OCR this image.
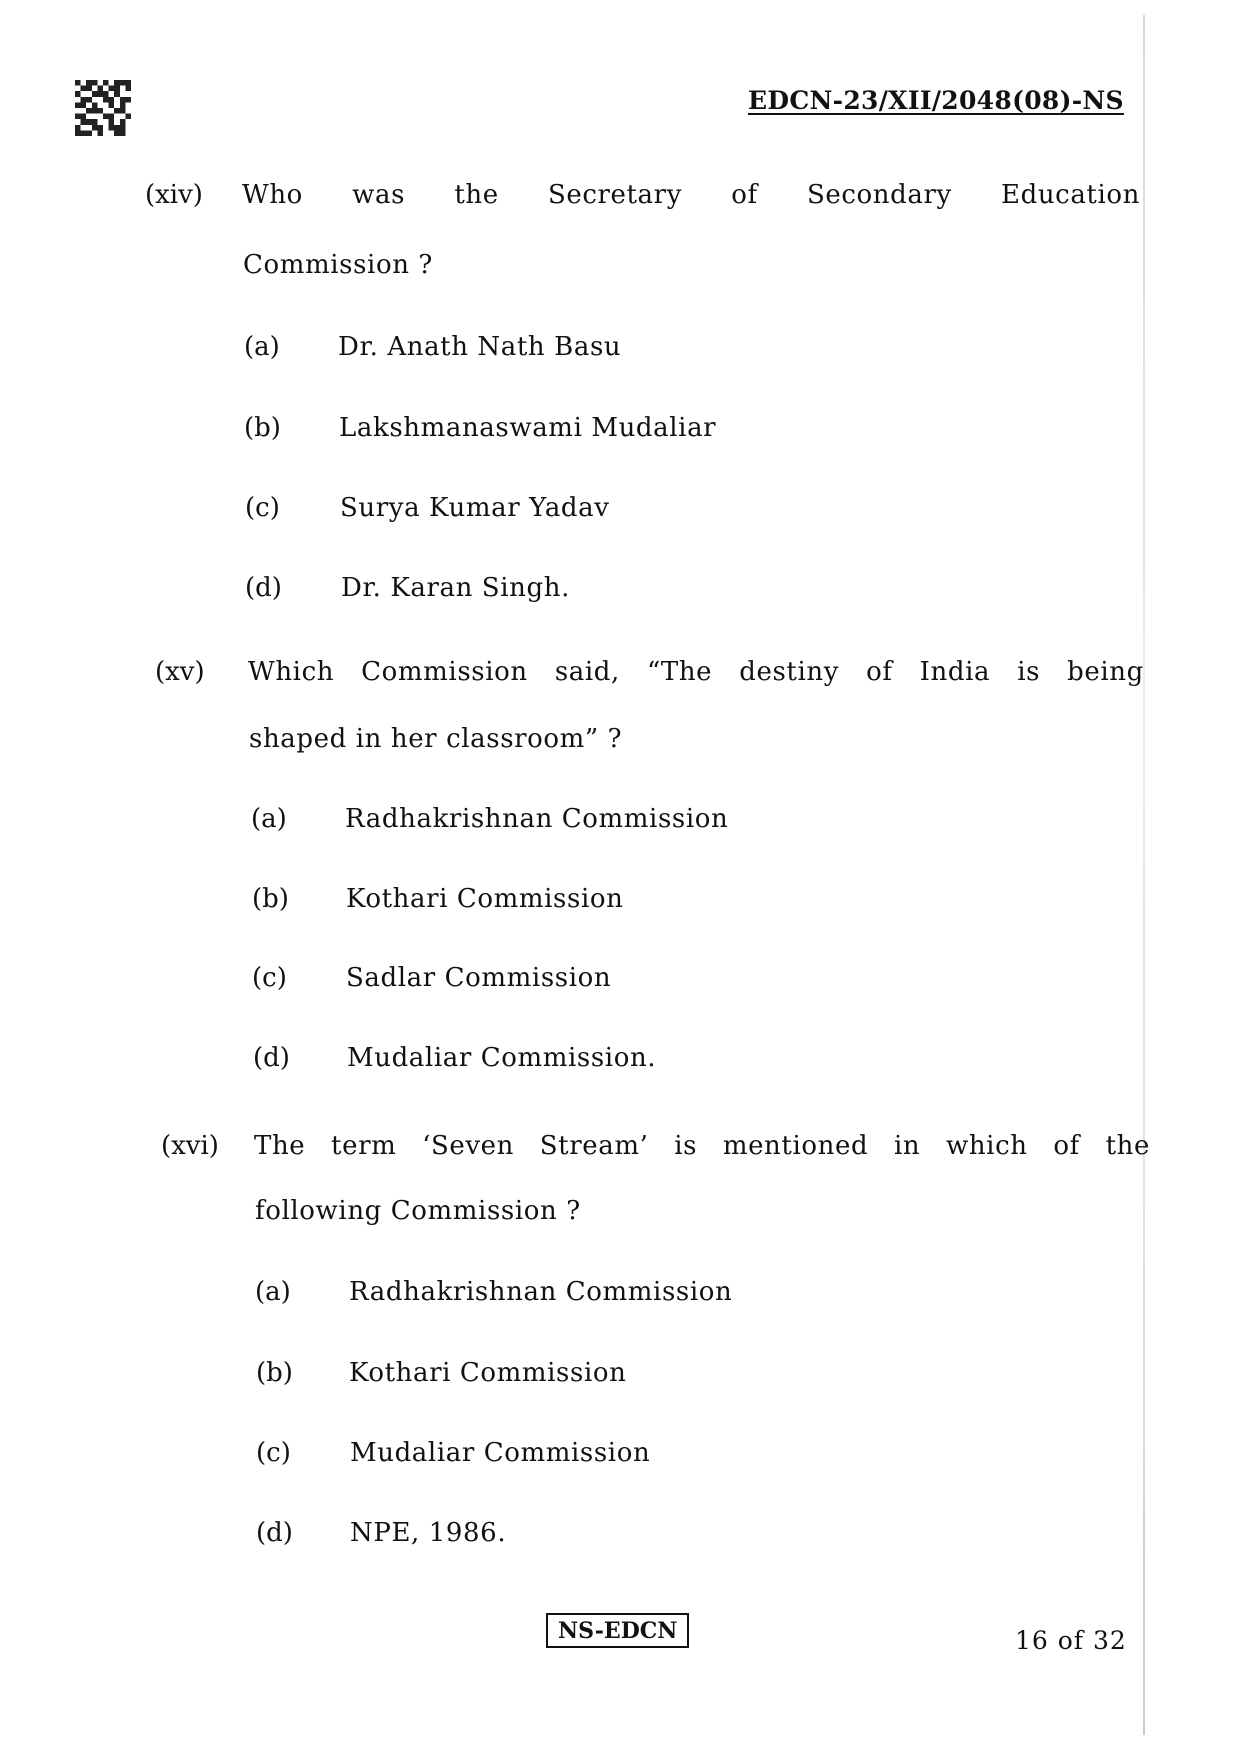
EDCN-23/XII/2048(08)-NS
(xiv) Who was the Secretary of Secondary Education
Commission ?
(a) Dr. Anath Nath Basu
(b) Lakshmanaswami Mudaliar
(c) Surya Kumar Yadav
(d) Dr. Karan Singh.
(xv) Which Commission said, “The destiny of India is being
shaped in her classroom” ?
(a) Radhakrishnan Commission
(b) Kothari Commission
(c) Sadlar Commission
(d) Mudaliar Commission.
(xvi) The term ‘Seven Stream’ is mentioned in which of the
following Commission ?
(a) Radhakrishnan Commission
(b) Kothari Commission
(c) Mudaliar Commission
(d) NPE, 1986.
NS-EDCN	16 of 32
